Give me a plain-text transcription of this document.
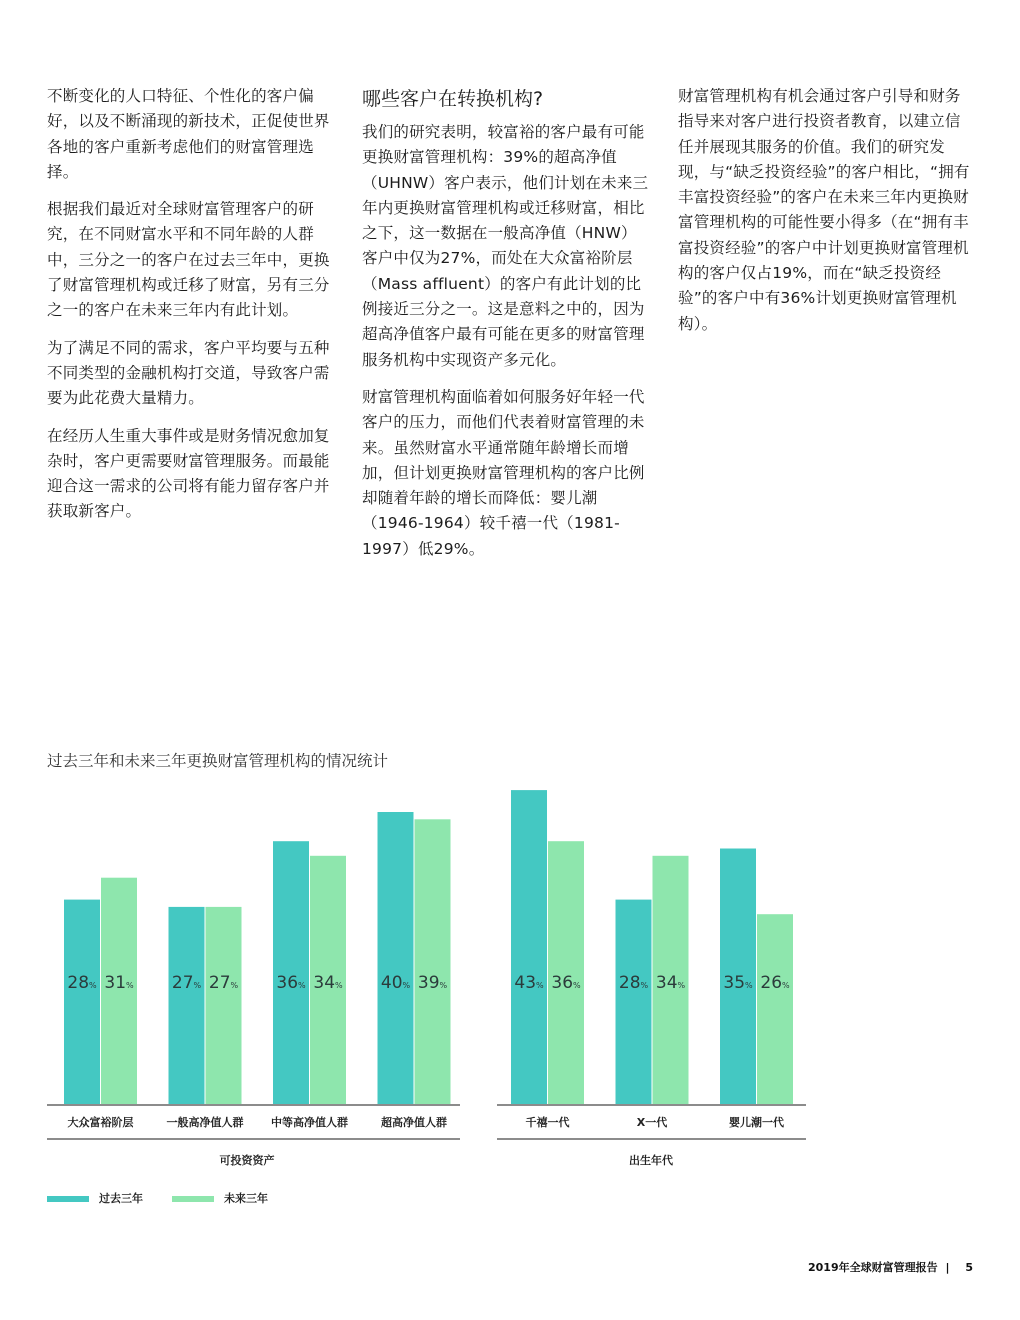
不断变化的人口特征、个性化的客户偏好，以及不断涌现的新技术，正促使世界各地的客户重新考虑他们的财富管理选择。

根据我们最近对全球财富管理客户的研究，在不同财富水平和不同年龄的人群中，三分之一的客户在过去三年中，更换了财富管理机构或迁移了财富，另有三分之一的客户在未来三年内有此计划。

为了满足不同的需求，客户平均要与五种不同类型的金融机构打交道，导致客户需要为此花费大量精力。

在经历人生重大事件或是财务情况愈加复杂时，客户更需要财富管理服务。而最能迎合这一需求的公司将有能力留存客户并获取新客户。

哪些客户在转换机构?

我们的研究表明，较富裕的客户最有可能更换财富管理机构：39%的超高净值（UHNW）客户表示，他们计划在未来三年内更换财富管理机构或迁移财富，相比之下，这一数据在一般高净值（HNW）客户中仅为27%，而处在大众富裕阶层（Mass affluent）的客户有此计划的比例接近三分之一。这是意料之中的，因为超高净值客户最有可能在更多的财富管理服务机构中实现资产多元化。

财富管理机构面临着如何服务好年轻一代客户的压力，而他们代表着财富管理的未来。虽然财富水平通常随年龄增长而增加，但计划更换财富管理机构的客户比例却随着年龄的增长而降低：婴儿潮（1946-1964）较千禧一代（1981-1997）低29%。

财富管理机构有机会通过客户引导和财务指导来对客户进行投资者教育，以建立信任并展现其服务的价值。我们的研究发现，与“缺乏投资经验”的客户相比，“拥有丰富投资经验”的客户在未来三年内更换财富管理机构的可能性要小得多（在“拥有丰富投资经验”的客户中计划更换财富管理机构的客户仅占19%，而在“缺乏投资经验”的客户中有36%计划更换财富管理机构）。

过去三年和未来三年更换财富管理机构的情况统计
28% 31%
大众富裕阶层
27% 27%
一般高净值人群
36% 34%
中等高净值人群
40% 39%
超高净值人群
可投资资产
43% 36%
千禧一代
28% 34%
X一代
35% 26%
婴儿潮一代
出生年代
过去三年	未来三年
2019年全球财富管理报告 | 5
